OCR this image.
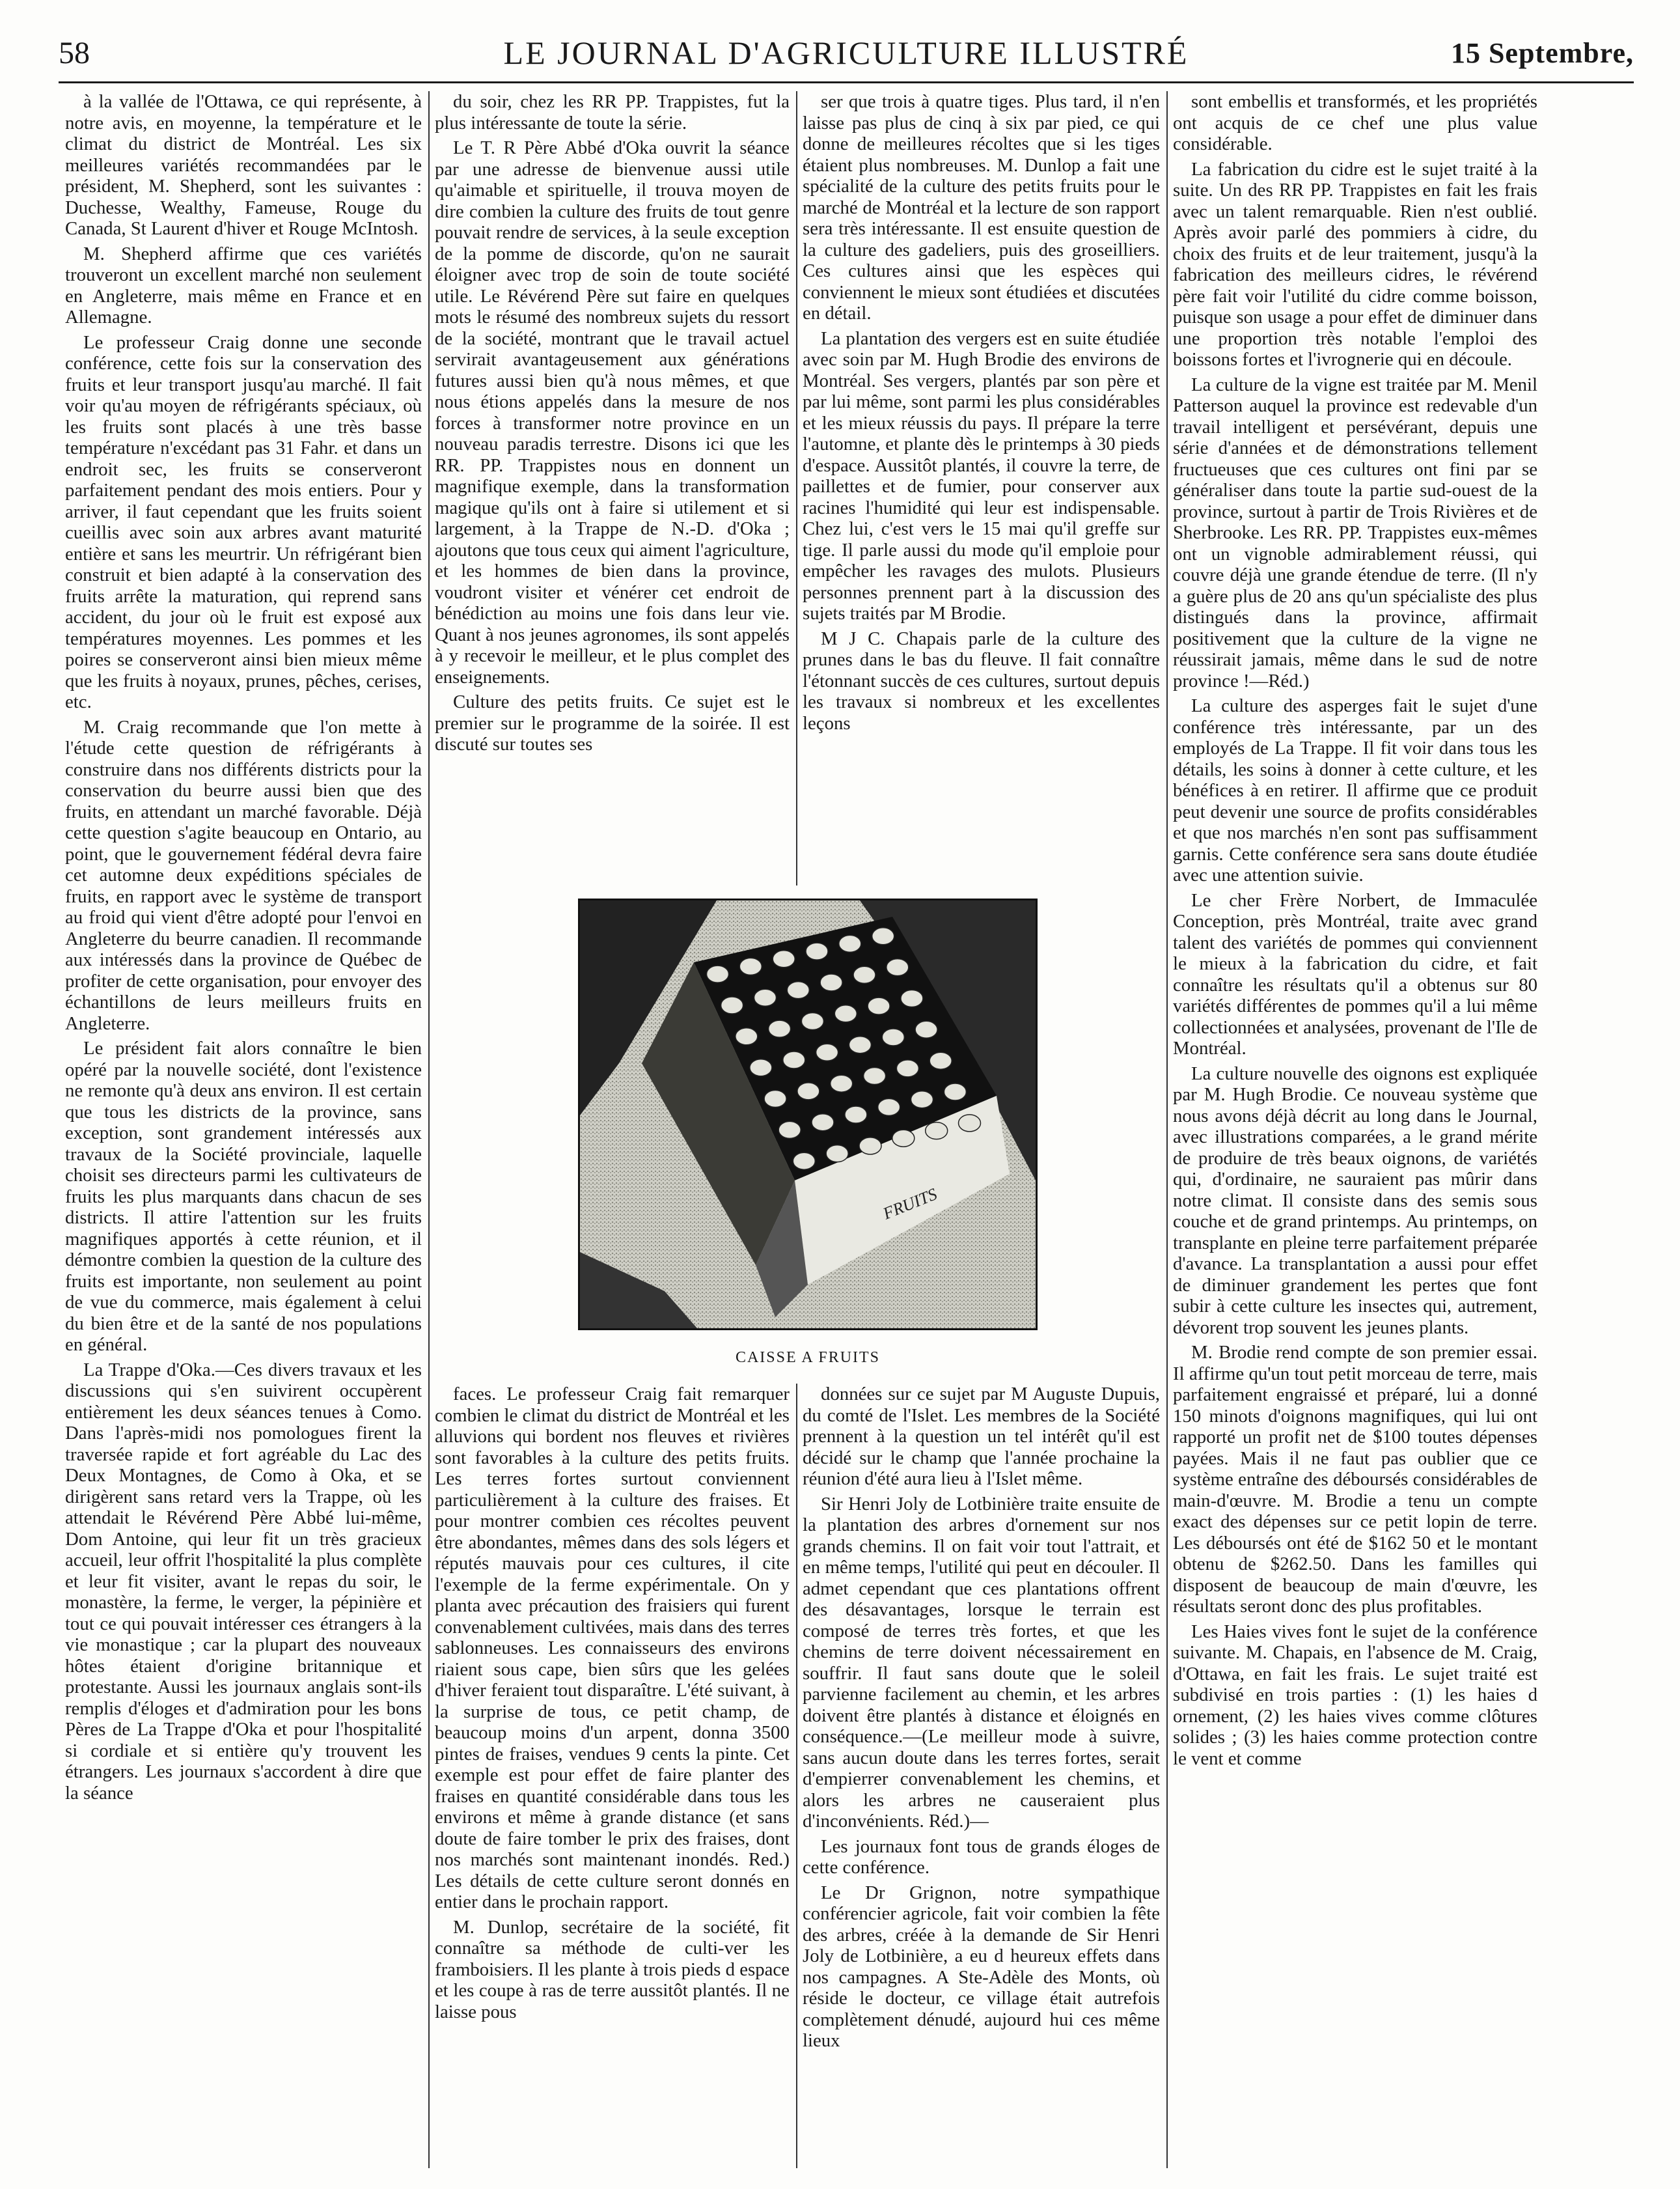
58	LE JOURNAL D'AGRICULTURE ILLUSTRÉ	15 Septembre,

à la vallée de l'Ottawa, ce qui représente, à notre avis, en moyenne, la température et le climat du district de Montréal. Les six meilleures variétés recommandées par le président, M. Shepherd, sont les suivantes : Duchesse, Wealthy, Fameuse, Rouge du Canada, St Laurent d'hiver et Rouge McIntosh.

M. Shepherd affirme que ces variétés trouveront un excellent marché non seulement en Angleterre, mais même en France et en Allemagne.

Le professeur Craig donne une seconde conférence, cette fois sur la conservation des fruits et leur transport jusqu'au marché. Il fait voir qu'au moyen de réfrigérants spéciaux, où les fruits sont placés à une très basse température n'excédant pas 31 Fahr. et dans un endroit sec, les fruits se conserveront parfaitement pendant des mois entiers. Pour y arriver, il faut cependant que les fruits soient cueillis avec soin aux arbres avant maturité entière et sans les meurtrir. Un réfrigérant bien construit et bien adapté à la conservation des fruits arrête la maturation, qui reprend sans accident, du jour où le fruit est exposé aux températures moyennes. Les pommes et les poires se conserveront ainsi bien mieux même que les fruits à noyaux, prunes, pêches, cerises, etc.

M. Craig recommande que l'on mette à l'étude cette question de réfrigérants à construire dans nos différents districts pour la conservation du beurre aussi bien que des fruits, en attendant un marché favorable. Déjà cette question s'agite beaucoup en Ontario, au point, que le gouvernement fédéral devra faire cet automne deux expéditions spéciales de fruits, en rapport avec le système de transport au froid qui vient d'être adopté pour l'envoi en Angleterre du beurre canadien. Il recommande aux intéressés dans la province de Québec de profiter de cette organisation, pour envoyer des échantillons de leurs meilleurs fruits en Angleterre.

Le président fait alors connaître le bien opéré par la nouvelle société, dont l'existence ne remonte qu'à deux ans environ. Il est certain que tous les districts de la province, sans exception, sont grandement intéressés aux travaux de la Société provinciale, laquelle choisit ses directeurs parmi les cultivateurs de fruits les plus marquants dans chacun de ses districts. Il attire l'attention sur les fruits magnifiques apportés à cette réunion, et il démontre combien la question de la culture des fruits est importante, non seulement au point de vue du commerce, mais également à celui du bien être et de la santé de nos populations en général.

La Trappe d'Oka.—Ces divers travaux et les discussions qui s'en suivirent occupèrent entièrement les deux séances tenues à Como. Dans l'après-midi nos pomologues firent la traversée rapide et fort agréable du Lac des Deux Montagnes, de Como à Oka, et se dirigèrent sans retard vers la Trappe, où les attendait le Révérend Père Abbé lui-même, Dom Antoine, qui leur fit un très gracieux accueil, leur offrit l'hospitalité la plus complète et leur fit visiter, avant le repas du soir, le monastère, la ferme, le verger, la pépinière et tout ce qui pouvait intéresser ces étrangers à la vie monastique ; car la plupart des nouveaux hôtes étaient d'origine britannique et protestante. Aussi les journaux anglais sont-ils remplis d'éloges et d'admiration pour les bons Pères de La Trappe d'Oka et pour l'hospitalité si cordiale et si entière qu'y trouvent les étrangers. Les journaux s'accordent à dire que la séance

du soir, chez les RR PP. Trappistes, fut la plus intéressante de toute la série.

Le T. R Père Abbé d'Oka ouvrit la séance par une adresse de bienvenue aussi utile qu'aimable et spirituelle, il trouva moyen de dire combien la culture des fruits de tout genre pouvait rendre de services, à la seule exception de la pomme de discorde, qu'on ne saurait éloigner avec trop de soin de toute société utile. Le Révérend Père sut faire en quelques mots le résumé des nombreux sujets du ressort de la société, montrant que le travail actuel servirait avantageusement aux générations futures aussi bien qu'à nous mêmes, et que nous étions appelés dans la mesure de nos forces à transformer notre province en un nouveau paradis terrestre. Disons ici que les RR. PP. Trappistes nous en donnent un magnifique exemple, dans la transformation magique qu'ils ont à faire si utilement et si largement, à la Trappe de N.-D. d'Oka ; ajoutons que tous ceux qui aiment l'agriculture, et les hommes de bien dans la province, voudront visiter et vénérer cet endroit de bénédiction au moins une fois dans leur vie. Quant à nos jeunes agronomes, ils sont appelés à y recevoir le meilleur, et le plus complet des enseignements.

Culture des petits fruits. Ce sujet est le premier sur le programme de la soirée. Il est discuté sur toutes ses

ser que trois à quatre tiges. Plus tard, il n'en laisse pas plus de cinq à six par pied, ce qui donne de meilleures récoltes que si les tiges étaient plus nombreuses. M. Dunlop a fait une spécialité de la culture des petits fruits pour le marché de Montréal et la lecture de son rapport sera très intéressante. Il est ensuite question de la culture des gadeliers, puis des groseilliers. Ces cultures ainsi que les espèces qui conviennent le mieux sont étudiées et discutées en détail.

La plantation des vergers est en suite étudiée avec soin par M. Hugh Brodie des environs de Montréal. Ses vergers, plantés par son père et par lui même, sont parmi les plus considérables et les mieux réussis du pays. Il prépare la terre l'automne, et plante dès le printemps à 30 pieds d'espace. Aussitôt plantés, il couvre la terre, de paillettes et de fumier, pour conserver aux racines l'humidité qui leur est indispensable. Chez lui, c'est vers le 15 mai qu'il greffe sur tige. Il parle aussi du mode qu'il emploie pour empêcher les ravages des mulots. Plusieurs personnes prennent part à la discussion des sujets traités par M Brodie.

M J C. Chapais parle de la culture des prunes dans le bas du fleuve. Il fait connaître l'étonnant succès de ces cultures, surtout depuis les travaux si nombreux et les excellentes leçons

FRUITS
CAISSE A FRUITS

faces. Le professeur Craig fait remarquer combien le climat du district de Montréal et les alluvions qui bordent nos fleuves et rivières sont favorables à la culture des petits fruits. Les terres fortes surtout conviennent particulièrement à la culture des fraises. Et pour montrer combien ces récoltes peuvent être abondantes, mêmes dans des sols légers et réputés mauvais pour ces cultures, il cite l'exemple de la ferme expérimentale. On y planta avec précaution des fraisiers qui furent convenablement cultivées, mais dans des terres sablonneuses. Les connaisseurs des environs riaient sous cape, bien sûrs que les gelées d'hiver feraient tout disparaître. L'été suivant, à la surprise de tous, ce petit champ, de beaucoup moins d'un arpent, donna 3500 pintes de fraises, vendues 9 cents la pinte. Cet exemple est pour effet de faire planter des fraises en quantité considérable dans tous les environs et même à grande distance (et sans doute de faire tomber le prix des fraises, dont nos marchés sont maintenant inondés. Red.) Les détails de cette culture seront donnés en entier dans le prochain rapport.

M. Dunlop, secrétaire de la société, fit connaître sa méthode de culti-ver les framboisiers. Il les plante à trois pieds d espace et les coupe à ras de terre aussitôt plantés. Il ne laisse pous

données sur ce sujet par M Auguste Dupuis, du comté de l'Islet. Les membres de la Société prennent à la question un tel intérêt qu'il est décidé sur le champ que l'année prochaine la réunion d'été aura lieu à l'Islet même.

Sir Henri Joly de Lotbinière traite ensuite de la plantation des arbres d'ornement sur nos grands chemins. Il on fait voir tout l'attrait, et en même temps, l'utilité qui peut en découler. Il admet cependant que ces plantations offrent des désavantages, lorsque le terrain est composé de terres très fortes, et que les chemins de terre doivent nécessairement en souffrir. Il faut sans doute que le soleil parvienne facilement au chemin, et les arbres doivent être plantés à distance et éloignés en conséquence.—(Le meilleur mode à suivre, sans aucun doute dans les terres fortes, serait d'empierrer convenablement les chemins, et alors les arbres ne causeraient plus d'inconvénients. Réd.)—

Les journaux font tous de grands éloges de cette conférence.

Le Dr Grignon, notre sympathique conférencier agricole, fait voir combien la fête des arbres, créée à la demande de Sir Henri Joly de Lotbinière, a eu d heureux effets dans nos campagnes. A Ste-Adèle des Monts, où réside le docteur, ce village était autrefois complètement dénudé, aujourd hui ces même lieux

sont embellis et transformés, et les propriétés ont acquis de ce chef une plus value considérable.

La fabrication du cidre est le sujet traité à la suite. Un des RR PP. Trappistes en fait les frais avec un talent remarquable. Rien n'est oublié. Après avoir parlé des pommiers à cidre, du choix des fruits et de leur traitement, jusqu'à la fabrication des meilleurs cidres, le révérend père fait voir l'utilité du cidre comme boisson, puisque son usage a pour effet de diminuer dans une proportion très notable l'emploi des boissons fortes et l'ivrognerie qui en découle.

La culture de la vigne est traitée par M. Menil Patterson auquel la province est redevable d'un travail intelligent et persévérant, depuis une série d'années et de démonstrations tellement fructueuses que ces cultures ont fini par se généraliser dans toute la partie sud-ouest de la province, surtout à partir de Trois Rivières et de Sherbrooke. Les RR. PP. Trappistes eux-mêmes ont un vignoble admirablement réussi, qui couvre déjà une grande étendue de terre. (Il n'y a guère plus de 20 ans qu'un spécialiste des plus distingués dans la province, affirmait positivement que la culture de la vigne ne réussirait jamais, même dans le sud de notre province !—Réd.)

La culture des asperges fait le sujet d'une conférence très intéressante, par un des employés de La Trappe. Il fit voir dans tous les détails, les soins à donner à cette culture, et les bénéfices à en retirer. Il affirme que ce produit peut devenir une source de profits considérables et que nos marchés n'en sont pas suffisamment garnis. Cette conférence sera sans doute étudiée avec une attention suivie.

Le cher Frère Norbert, de Immaculée Conception, près Montréal, traite avec grand talent des variétés de pommes qui conviennent le mieux à la fabrication du cidre, et fait connaître les résultats qu'il a obtenus sur 80 variétés différentes de pommes qu'il a lui même collectionnées et analysées, provenant de l'Ile de Montréal.

La culture nouvelle des oignons est expliquée par M. Hugh Brodie. Ce nouveau système que nous avons déjà décrit au long dans le Journal, avec illustrations comparées, a le grand mérite de produire de très beaux oignons, de variétés qui, d'ordinaire, ne sauraient pas mûrir dans notre climat. Il consiste dans des semis sous couche et de grand printemps. Au printemps, on transplante en pleine terre parfaitement préparée d'avance. La transplantation a aussi pour effet de diminuer grandement les pertes que font subir à cette culture les insectes qui, autrement, dévorent trop souvent les jeunes plants.

M. Brodie rend compte de son premier essai. Il affirme qu'un tout petit morceau de terre, mais parfaitement engraissé et préparé, lui a donné 150 minots d'oignons magnifiques, qui lui ont rapporté un profit net de $100 toutes dépenses payées. Mais il ne faut pas oublier que ce système entraîne des déboursés considérables de main-d'œuvre. M. Brodie a tenu un compte exact des dépenses sur ce petit lopin de terre. Les déboursés ont été de $162 50 et le montant obtenu de $262.50. Dans les familles qui disposent de beaucoup de main d'œuvre, les résultats seront donc des plus profitables.

Les Haies vives font le sujet de la conférence suivante. M. Chapais, en l'absence de M. Craig, d'Ottawa, en fait les frais. Le sujet traité est subdivisé en trois parties : (1) les haies d ornement, (2) les haies vives comme clôtures solides ; (3) les haies comme protection contre le vent et comme
